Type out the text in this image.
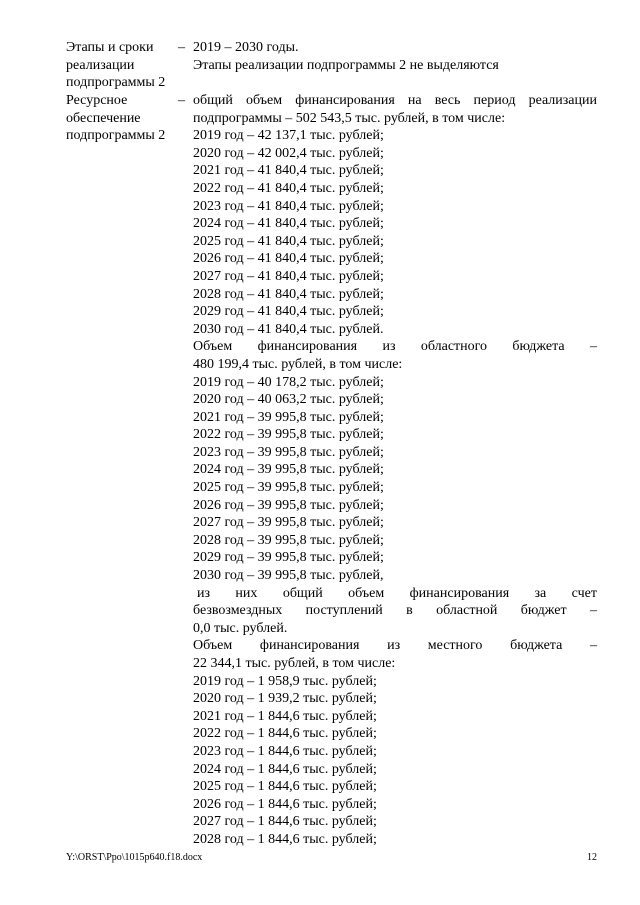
Этапы и сроки
реализации
подпрограммы 2
– 2019 – 2030 годы.
Этапы реализации подпрограммы 2 не выделяются
Ресурсное
обеспечение
подпрограммы 2
– общий объем финансирования на весь период реализации
подпрограммы – 502 543,5 тыс. рублей, в том числе:
2019 год – 42 137,1 тыс. рублей;
2020 год – 42 002,4 тыс. рублей;
2021 год – 41 840,4 тыс. рублей;
2022 год – 41 840,4 тыс. рублей;
2023 год – 41 840,4 тыс. рублей;
2024 год – 41 840,4 тыс. рублей;
2025 год – 41 840,4 тыс. рублей;
2026 год – 41 840,4 тыс. рублей;
2027 год – 41 840,4 тыс. рублей;
2028 год – 41 840,4 тыс. рублей;
2029 год – 41 840,4 тыс. рублей;
2030 год – 41 840,4 тыс. рублей.
Объем финансирования из областного бюджета –
480 199,4 тыс. рублей, в том числе:
2019 год – 40 178,2 тыс. рублей;
2020 год – 40 063,2 тыс. рублей;
2021 год – 39 995,8 тыс. рублей;
2022 год – 39 995,8 тыс. рублей;
2023 год – 39 995,8 тыс. рублей;
2024 год – 39 995,8 тыс. рублей;
2025 год – 39 995,8 тыс. рублей;
2026 год – 39 995,8 тыс. рублей;
2027 год – 39 995,8 тыс. рублей;
2028 год – 39 995,8 тыс. рублей;
2029 год – 39 995,8 тыс. рублей;
2030 год – 39 995,8 тыс. рублей,
из них общий объем финансирования за счет
безвозмездных поступлений в областной бюджет –
0,0 тыс. рублей.
Объем финансирования из местного бюджета –
22 344,1 тыс. рублей, в том числе:
2019 год – 1 958,9 тыс. рублей;
2020 год – 1 939,2 тыс. рублей;
2021 год – 1 844,6 тыс. рублей;
2022 год – 1 844,6 тыс. рублей;
2023 год – 1 844,6 тыс. рублей;
2024 год – 1 844,6 тыс. рублей;
2025 год – 1 844,6 тыс. рублей;
2026 год – 1 844,6 тыс. рублей;
2027 год – 1 844,6 тыс. рублей;
2028 год – 1 844,6 тыс. рублей;
Y:\ORST\Ppo\1015p640.f18.docx	12
